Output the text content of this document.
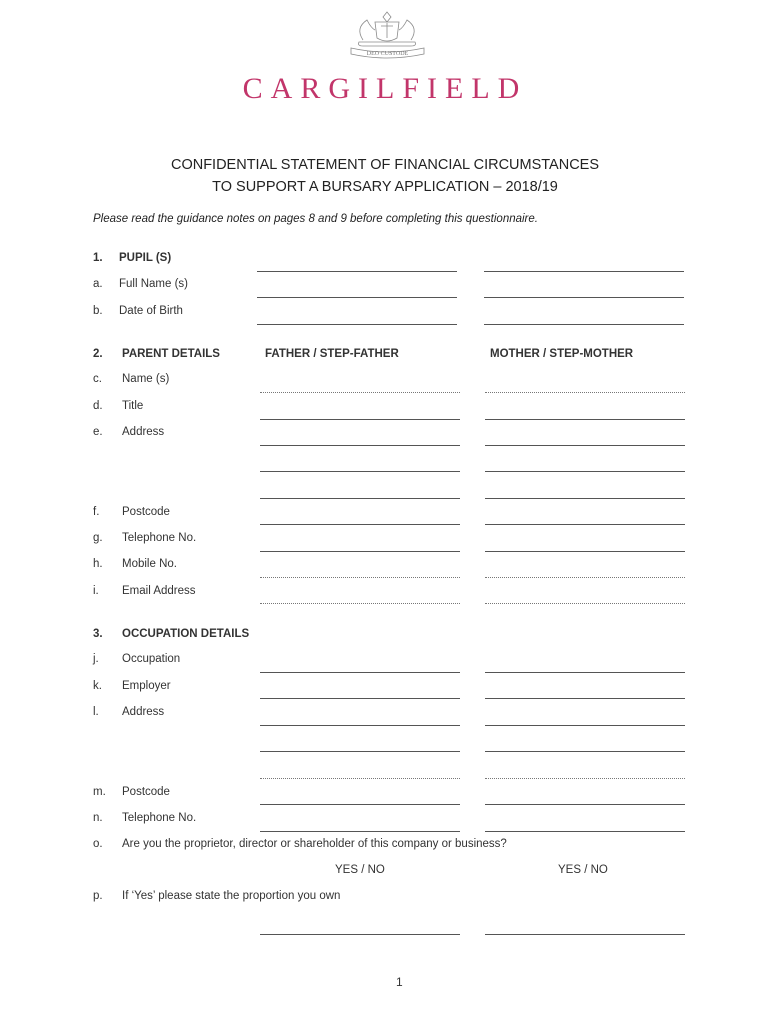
DEO CUSTODE
CARGILFIELD
CONFIDENTIAL STATEMENT OF FINANCIAL CIRCUMSTANCES
TO SUPPORT A BURSARY APPLICATION – 2018/19
Please read the guidance notes on pages 8 and 9 before completing this questionnaire.
1. PUPIL (S)
a. Full Name (s)
b. Date of Birth
2. PARENT DETAILS	FATHER / STEP-FATHER	MOTHER / STEP-MOTHER
c. Name (s)
d. Title
e. Address
f. Postcode
g. Telephone No.
h. Mobile No.
i. Email Address
3. OCCUPATION DETAILS
j. Occupation
k. Employer
l. Address
m. Postcode
n. Telephone No.
o. Are you the proprietor, director or shareholder of this company or business?
YES / NO	YES / NO
p. If ‘Yes’ please state the proportion you own
1
